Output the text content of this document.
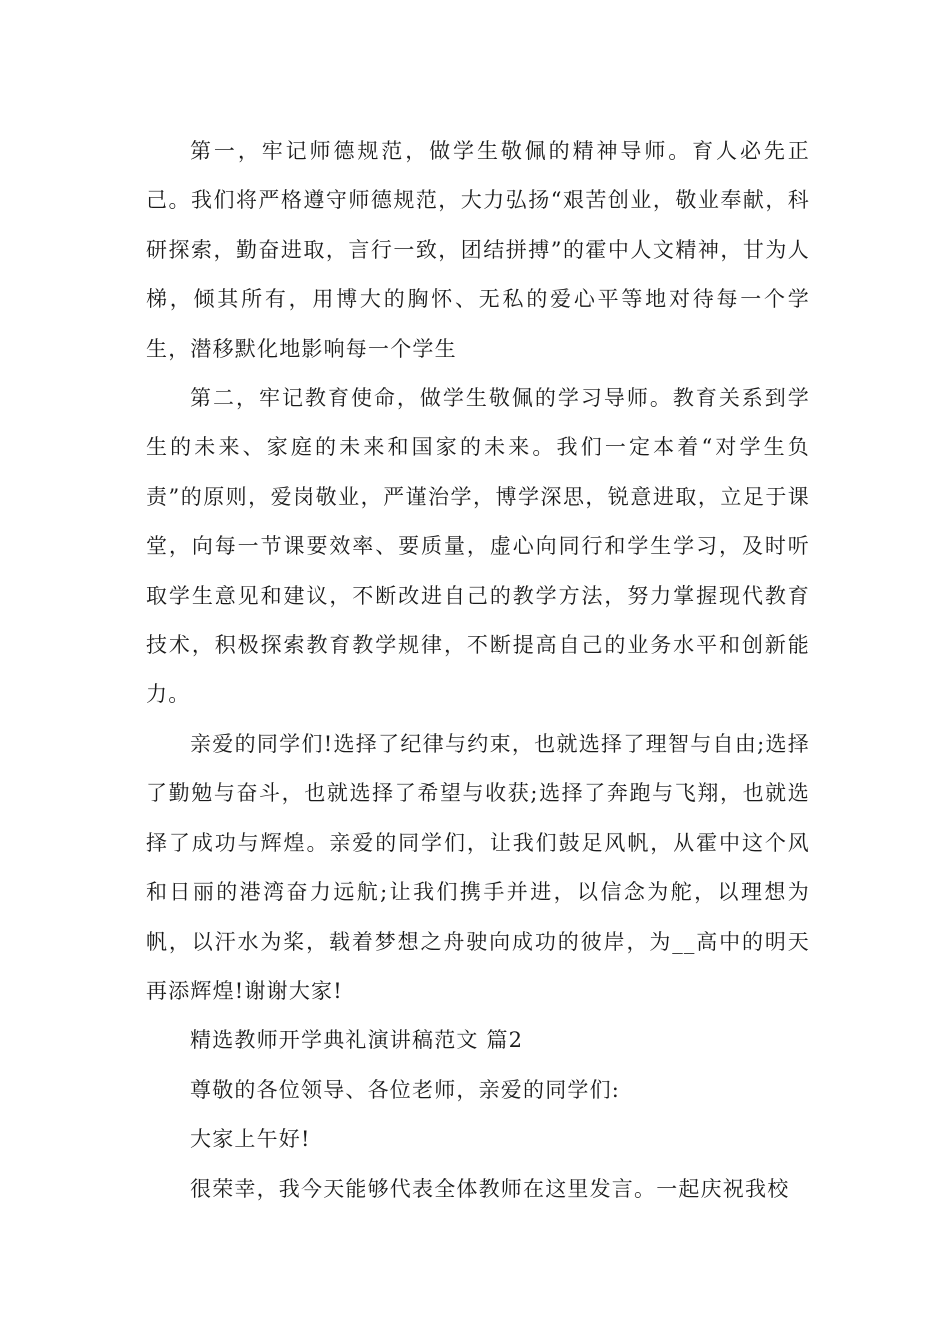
第一，牢记师德规范，做学生敬佩的精神导师。育人必先正己。我们将严格遵守师德规范，大力弘扬“艰苦创业，敬业奉献，科研探索，勤奋进取，言行一致，团结拼搏”的霍中人文精神，甘为人梯，倾其所有，用博大的胸怀、无私的爱心平等地对待每一个学生，潜移默化地影响每一个学生

第二，牢记教育使命，做学生敬佩的学习导师。教育关系到学生的未来、家庭的未来和国家的未来。我们一定本着“对学生负责”的原则，爱岗敬业，严谨治学，博学深思，锐意进取，立足于课堂，向每一节课要效率、要质量，虚心向同行和学生学习，及时听取学生意见和建议，不断改进自己的教学方法，努力掌握现代教育技术，积极探索教育教学规律，不断提高自己的业务水平和创新能力。

亲爱的同学们!选择了纪律与约束，也就选择了理智与自由;选择了勤勉与奋斗，也就选择了希望与收获;选择了奔跑与飞翔，也就选择了成功与辉煌。亲爱的同学们，让我们鼓足风帆，从霍中这个风和日丽的港湾奋力远航;让我们携手并进，以信念为舵，以理想为帆，以汗水为桨，载着梦想之舟驶向成功的彼岸，为__高中的明天再添辉煌!谢谢大家!

精选教师开学典礼演讲稿范文 篇2

尊敬的各位领导、各位老师，亲爱的同学们:

大家上午好!

很荣幸，我今天能够代表全体教师在这里发言。一起庆祝我校
